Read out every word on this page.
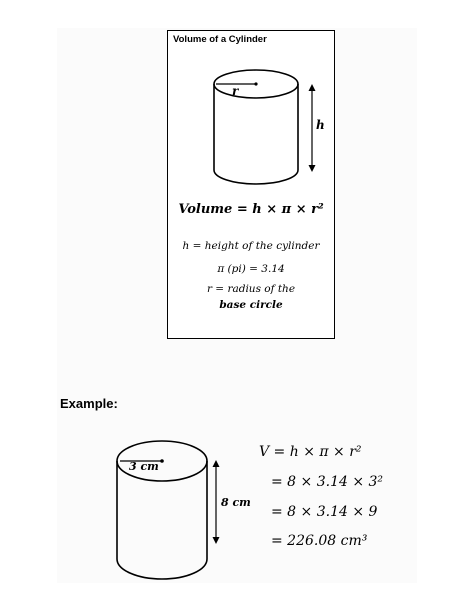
Volume of a Cylinder
r
h
Volume = h × π × r²
h = height of the cylinder
π (pi) = 3.14
r = radius of the
base circle
Example:
3 cm
8 cm
V = h × π × r²
= 8 × 3.14 × 3²
= 8 × 3.14 × 9
= 226.08 cm³
